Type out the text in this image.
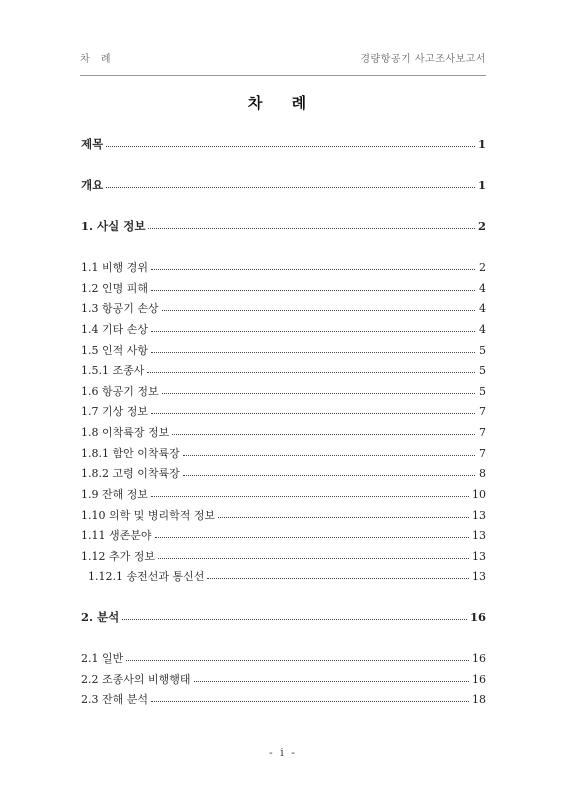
차 례	경량항공기 사고조사보고서
차 례
제목	1
개요	1
1. 사실 정보	2
1.1 비행 경위	2
1.2 인명 피해	4
1.3 항공기 손상	4
1.4 기타 손상	4
1.5 인적 사항	5
1.5.1 조종사	5
1.6 항공기 정보	5
1.7 기상 정보	7
1.8 이착륙장 정보	7
1.8.1 함안 이착륙장	7
1.8.2 고령 이착륙장	8
1.9 잔해 정보	10
1.10 의학 및 병리학적 정보	13
1.11 생존분야	13
1.12 추가 정보	13
1.12.1 송전선과 통신선	13
2. 분석	16
2.1 일반	16
2.2 조종사의 비행행태	16
2.3 잔해 분석	18
- i -
